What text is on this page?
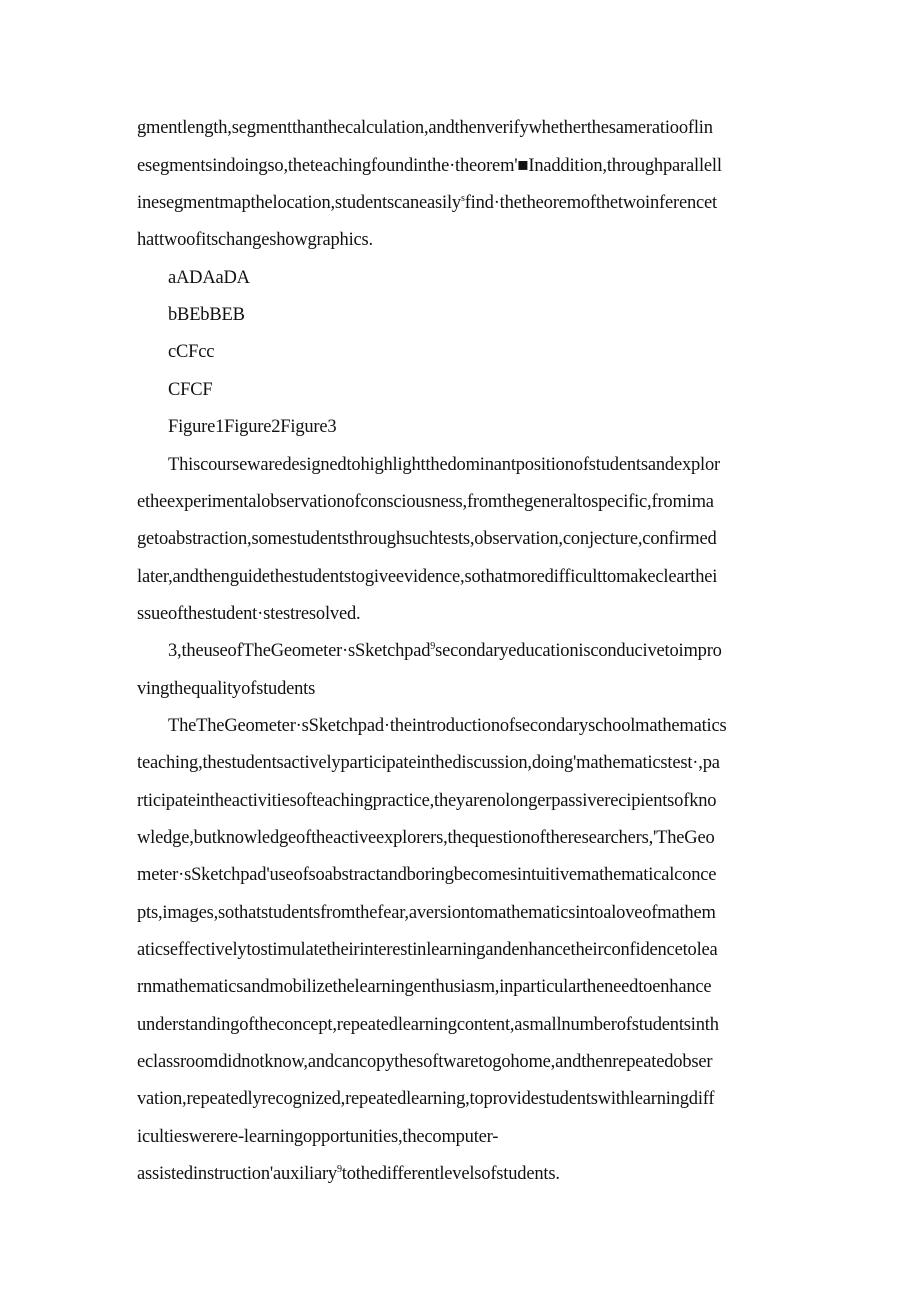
gmentlength,segmentthanthecalculation,andthenverifywhetherthesameratiooflin
esegmentsindoingso,theteachingfoundinthe·theorem'■Inaddition,throughparallell
inesegmentmapthelocation,studentscaneasily$^s$find·thetheoremofthetwoinferencet
hattwoofitschangeshowgraphics.
aADAaDA
bBEbBEB
cCFcc
CFCF
Figure1Figure2Figure3
Thiscoursewaredesignedtohighlightthedominantpositionofstudentsandexplor
etheexperimentalobservationofconsciousness,fromthegeneraltospecific,fromima
getoabstraction,somestudentsthroughsuchtests,observation,conjecture,confirmed
later,andthenguidethestudentstogiveevidence,sothatmoredifficulttomakeclearthei
ssueofthestudent·stestresolved.
3,theuseofTheGeometer·sSketchpad$^9$secondaryeducationisconducivetoimpro
vingthequalityofstudents
TheTheGeometer·sSketchpad·theintroductionofsecondaryschoolmathematics
teaching,thestudentsactivelyparticipateinthediscussion,doing'mathematicstest·,pa
rticipateintheactivitiesofteachingpractice,theyarenolongerpassiverecipientsofkno
wledge,butknowledgeoftheactiveexplorers,thequestionoftheresearchers,'TheGeo
meter·sSketchpad'useofsoabstractandboringbecomesintuitivemathematicalconce
pts,images,sothatstudentsfromthefear,aversiontomathematicsintoaloveofmathem
aticseffectivelytostimulatetheirinterestinlearningandenhancetheirconfidencetolea
rnmathematicsandmobilizethelearningenthusiasm,inparticulartheneedtoenhance
understandingoftheconcept,repeatedlearningcontent,asmallnumberofstudentsinth
eclassroomdidnotknow,andcancopythesoftwaretogohome,andthenrepeatedobser
vation,repeatedlyrecognized,repeatedlearning,toprovidestudentswithlearningdiff
icultieswerere-learningopportunities,thecomputer-
assistedinstruction'auxiliary$^9$tothedifferentlevelsofstudents.
